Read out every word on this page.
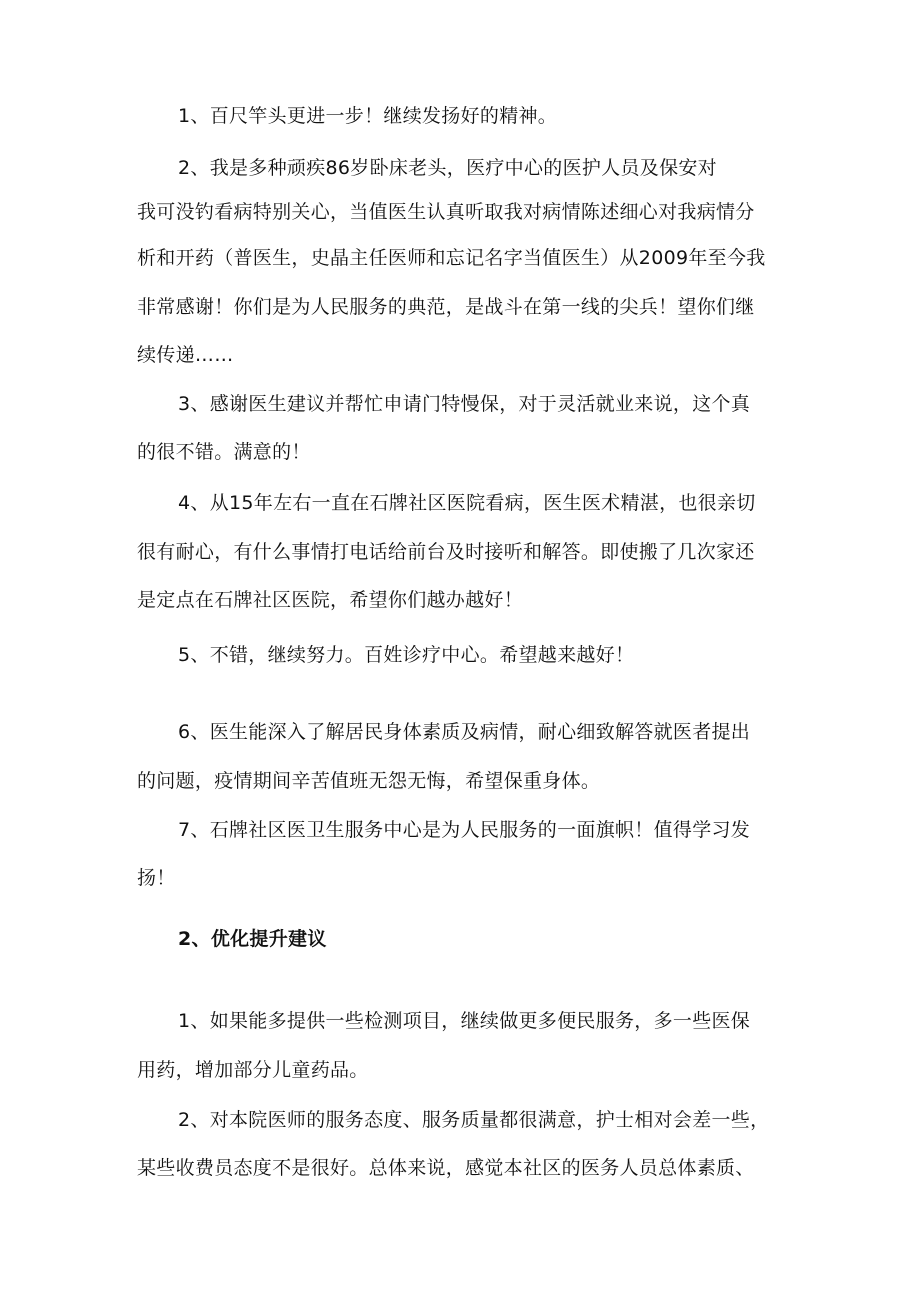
1、百尺竿头更进一步！继续发扬好的精神。
2、我是多种顽疾86岁卧床老头，医疗中心的医护人员及保安对
我可没钓看病特别关心，当值医生认真听取我对病情陈述细心对我病情分
析和开药（普医生，史晶主任医师和忘记名字当值医生）从2009年至今我
非常感谢！你们是为人民服务的典范，是战斗在第一线的尖兵！望你们继
续传递……
3、感谢医生建议并帮忙申请门特慢保，对于灵活就业来说，这个真
的很不错。满意的！
4、从15年左右一直在石牌社区医院看病，医生医术精湛，也很亲切
很有耐心，有什么事情打电话给前台及时接听和解答。即使搬了几次家还
是定点在石牌社区医院，希望你们越办越好！
5、不错，继续努力。百姓诊疗中心。希望越来越好！
6、医生能深入了解居民身体素质及病情，耐心细致解答就医者提出
的问题，疫情期间辛苦值班无怨无悔，希望保重身体。
7、石牌社区医卫生服务中心是为人民服务的一面旗帜！值得学习发
扬！
2、优化提升建议
1、如果能多提供一些检测项目，继续做更多便民服务，多一些医保
用药，增加部分儿童药品。
2、对本院医师的服务态度、服务质量都很满意，护士相对会差一些，
某些收费员态度不是很好。总体来说，感觉本社区的医务人员总体素质、
